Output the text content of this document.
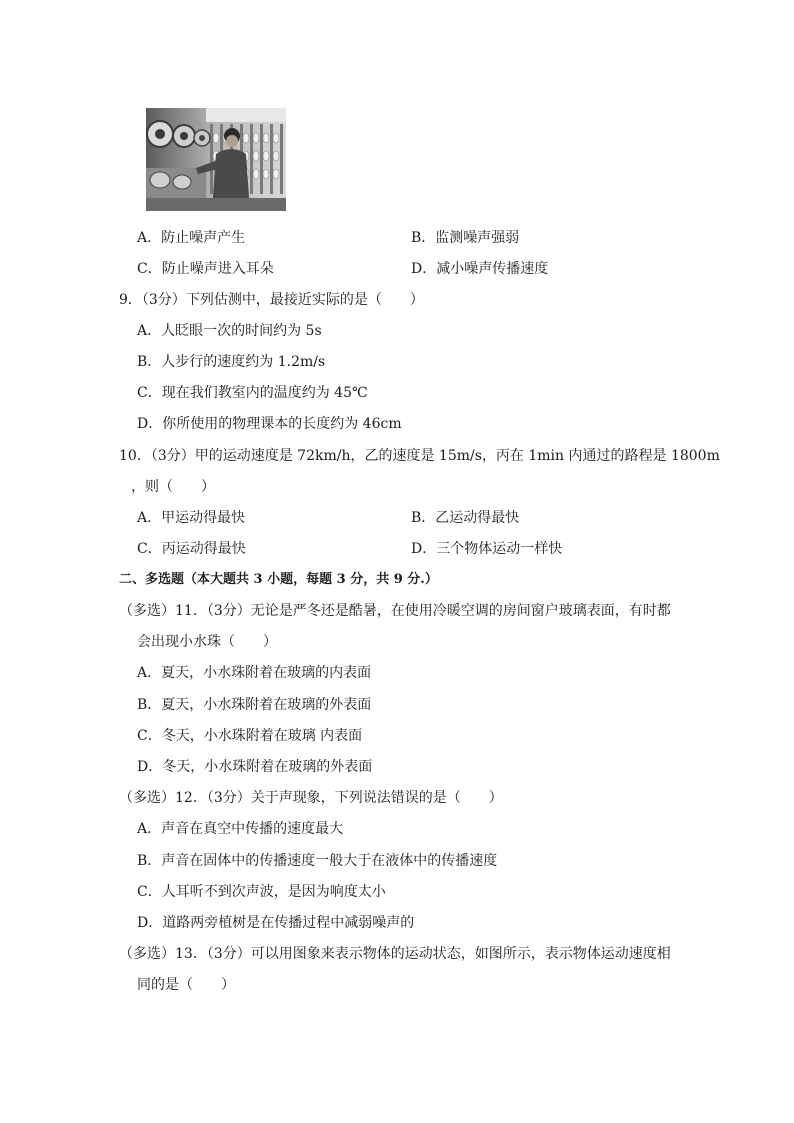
A．防止噪声产生	B．监测噪声强弱
C．防止噪声进入耳朵	D．减小噪声传播速度
9．（3分）下列估测中，最接近实际的是（　　）
A．人眨眼一次的时间约为 5s
B．人步行的速度约为 1.2m/s
C．现在我们教室内的温度约为 45℃
D．你所使用的物理课本的长度约为 46cm
10．（3分）甲的运动速度是 72km/h，乙的速度是 15m/s，丙在 1min 内通过的路程是 1800m
，则（　　）
A．甲运动得最快	B．乙运动得最快
C．丙运动得最快	D．三个物体运动一样快
二、多选题（本大题共 3 小题，每题 3 分，共 9 分.）
（多选）11．（3分）无论是严冬还是酷暑，在使用冷暖空调的房间窗户玻璃表面，有时都
会出现小水珠（　　）
A．夏天，小水珠附着在玻璃的内表面
B．夏天，小水珠附着在玻璃的外表面
C．冬天，小水珠附着在玻璃 内表面
D．冬天，小水珠附着在玻璃的外表面
（多选）12．（3分）关于声现象，下列说法错误的是（　　）
A．声音在真空中传播的速度最大
B．声音在固体中的传播速度一般大于在液体中的传播速度
C．人耳听不到次声波，是因为响度太小
D．道路两旁植树是在传播过程中减弱噪声的
（多选）13．（3分）可以用图象来表示物体的运动状态，如图所示，表示物体运动速度相
同的是（　　）
